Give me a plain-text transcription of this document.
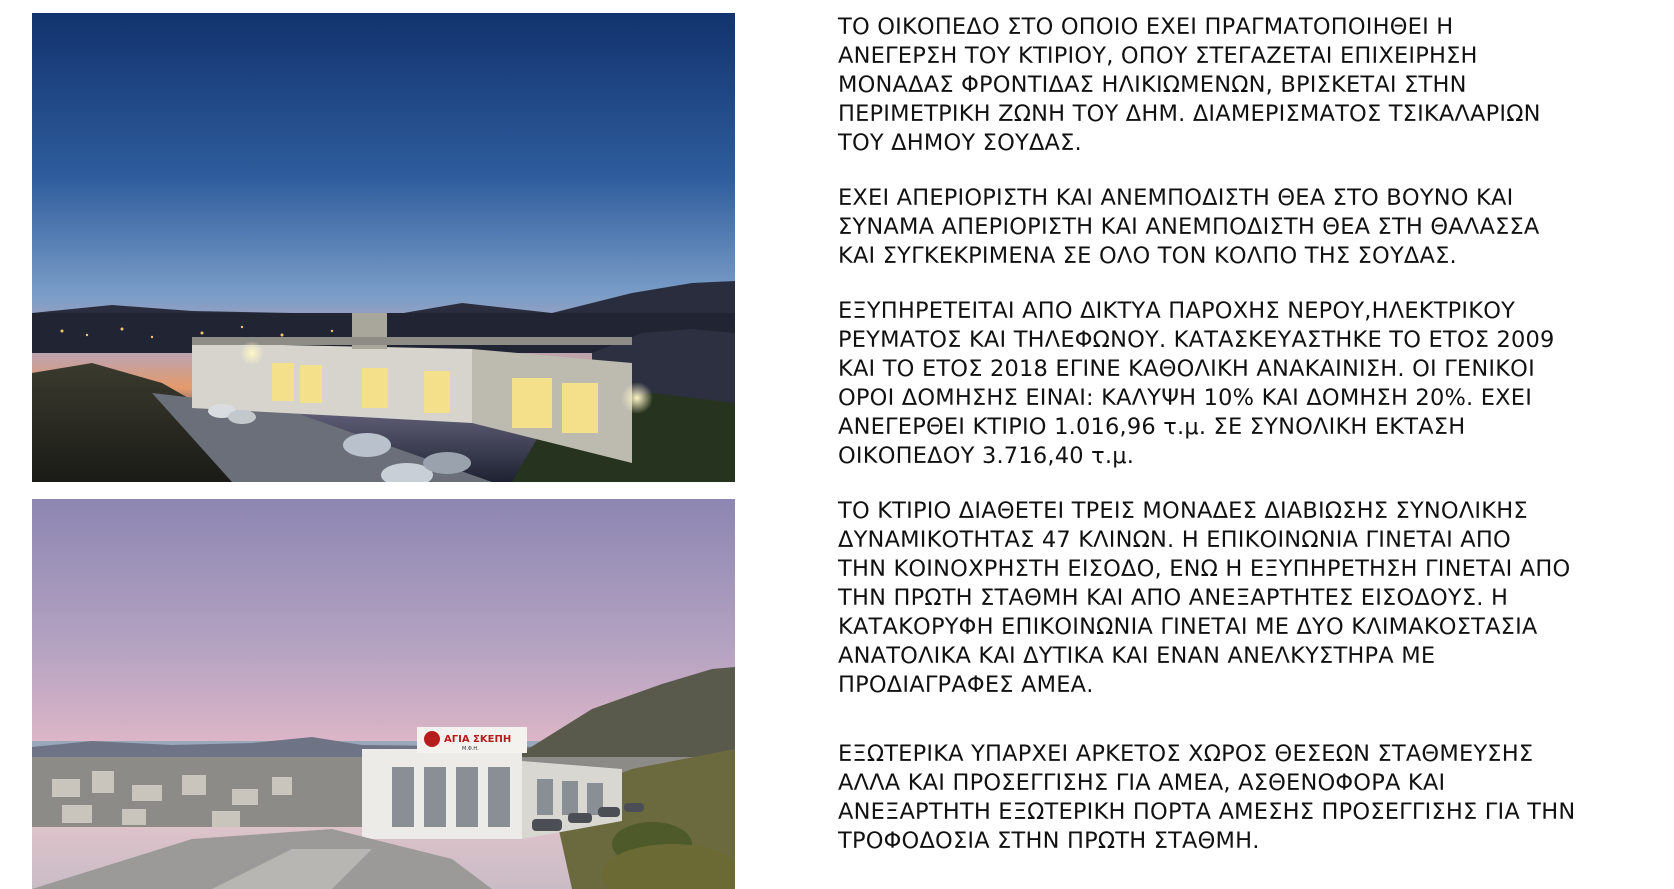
ΑΓΙΑ ΣΚΕΠΗ
Μ.Φ.Η.

ΤΟ ΟΙΚΟΠΕΔΟ ΣΤΟ ΟΠΟΙΟ ΕΧΕΙ ΠΡΑΓΜΑΤΟΠΟΙΗΘΕΙ Η
ΑΝΕΓΕΡΣΗ ΤΟΥ ΚΤΙΡΙΟΥ, ΟΠΟΥ ΣΤΕΓΑΖΕΤΑΙ ΕΠΙΧΕΙΡΗΣΗ
ΜΟΝΑΔΑΣ ΦΡΟΝΤΙΔΑΣ ΗΛΙΚΙΩΜΕΝΩΝ, ΒΡΙΣΚΕΤΑΙ ΣΤΗΝ
ΠΕΡΙΜΕΤΡΙΚΗ ΖΩΝΗ ΤΟΥ ΔΗΜ. ΔΙΑΜΕΡΙΣΜΑΤΟΣ ΤΣΙΚΑΛΑΡΙΩΝ
ΤΟΥ ΔΗΜΟΥ ΣΟΥΔΑΣ.

ΕΧΕΙ ΑΠΕΡΙΟΡΙΣΤΗ ΚΑΙ ΑΝΕΜΠΟΔΙΣΤΗ ΘΕΑ ΣΤΟ ΒΟΥΝΟ ΚΑΙ
ΣΥΝΑΜΑ ΑΠΕΡΙΟΡΙΣΤΗ ΚΑΙ ΑΝΕΜΠΟΔΙΣΤΗ ΘΕΑ ΣΤΗ ΘΑΛΑΣΣΑ
ΚΑΙ ΣΥΓΚΕΚΡΙΜΕΝΑ ΣΕ ΟΛΟ ΤΟΝ ΚΟΛΠΟ ΤΗΣ ΣΟΥΔΑΣ.

ΕΞΥΠΗΡΕΤΕΙΤΑΙ ΑΠΟ ΔΙΚΤΥΑ ΠΑΡΟΧΗΣ ΝΕΡΟΥ,ΗΛΕΚΤΡΙΚΟΥ
ΡΕΥΜΑΤΟΣ ΚΑΙ ΤΗΛΕΦΩΝΟΥ. ΚΑΤΑΣΚΕΥΑΣΤΗΚΕ ΤΟ ΕΤΟΣ 2009
ΚΑΙ ΤΟ ΕΤΟΣ 2018 ΕΓΙΝΕ ΚΑΘΟΛΙΚΗ ΑΝΑΚΑΙΝΙΣΗ. ΟΙ ΓΕΝΙΚΟΙ
ΟΡΟΙ ΔΟΜΗΣΗΣ ΕΙΝΑΙ: ΚΑΛΥΨΗ 10% ΚΑΙ ΔΟΜΗΣΗ 20%. ΕΧΕΙ
ΑΝΕΓΕΡΘΕΙ ΚΤΙΡΙΟ 1.016,96 τ.μ. ΣΕ ΣΥΝΟΛΙΚΗ ΕΚΤΑΣΗ
ΟΙΚΟΠΕΔΟΥ 3.716,40 τ.μ.

ΤΟ ΚΤΙΡΙΟ ΔΙΑΘΕΤΕΙ ΤΡΕΙΣ ΜΟΝΑΔΕΣ ΔΙΑΒΙΩΣΗΣ ΣΥΝΟΛΙΚΗΣ
ΔΥΝΑΜΙΚΟΤΗΤΑΣ 47 ΚΛΙΝΩΝ. Η ΕΠΙΚΟΙΝΩΝΙΑ ΓΙΝΕΤΑΙ ΑΠΟ
ΤΗΝ ΚΟΙΝΟΧΡΗΣΤΗ ΕΙΣΟΔΟ, ΕΝΩ Η ΕΞΥΠΗΡΕΤΗΣΗ ΓΙΝΕΤΑΙ ΑΠΟ
ΤΗΝ ΠΡΩΤΗ ΣΤΑΘΜΗ ΚΑΙ ΑΠΟ ΑΝΕΞΑΡΤΗΤΕΣ ΕΙΣΟΔΟΥΣ. Η
ΚΑΤΑΚΟΡΥΦΗ ΕΠΙΚΟΙΝΩΝΙΑ ΓΙΝΕΤΑΙ ΜΕ ΔΥΟ ΚΛΙΜΑΚΟΣΤΑΣΙΑ
ΑΝΑΤΟΛΙΚΑ ΚΑΙ ΔΥΤΙΚΑ ΚΑΙ ΕΝΑΝ ΑΝΕΛΚΥΣΤΗΡΑ ΜΕ
ΠΡΟΔΙΑΓΡΑΦΕΣ ΑΜΕΑ.

ΕΞΩΤΕΡΙΚΑ ΥΠΑΡΧΕΙ ΑΡΚΕΤΟΣ ΧΩΡΟΣ ΘΕΣΕΩΝ ΣΤΑΘΜΕΥΣΗΣ
ΑΛΛΑ ΚΑΙ ΠΡΟΣΕΓΓΙΣΗΣ ΓΙΑ ΑΜΕΑ, ΑΣΘΕΝΟΦΟΡΑ ΚΑΙ
ΑΝΕΞΑΡΤΗΤΗ ΕΞΩΤΕΡΙΚΗ ΠΟΡΤΑ ΑΜΕΣΗΣ ΠΡΟΣΕΓΓΙΣΗΣ ΓΙΑ ΤΗΝ
ΤΡΟΦΟΔΟΣΙΑ ΣΤΗΝ ΠΡΩΤΗ ΣΤΑΘΜΗ.
